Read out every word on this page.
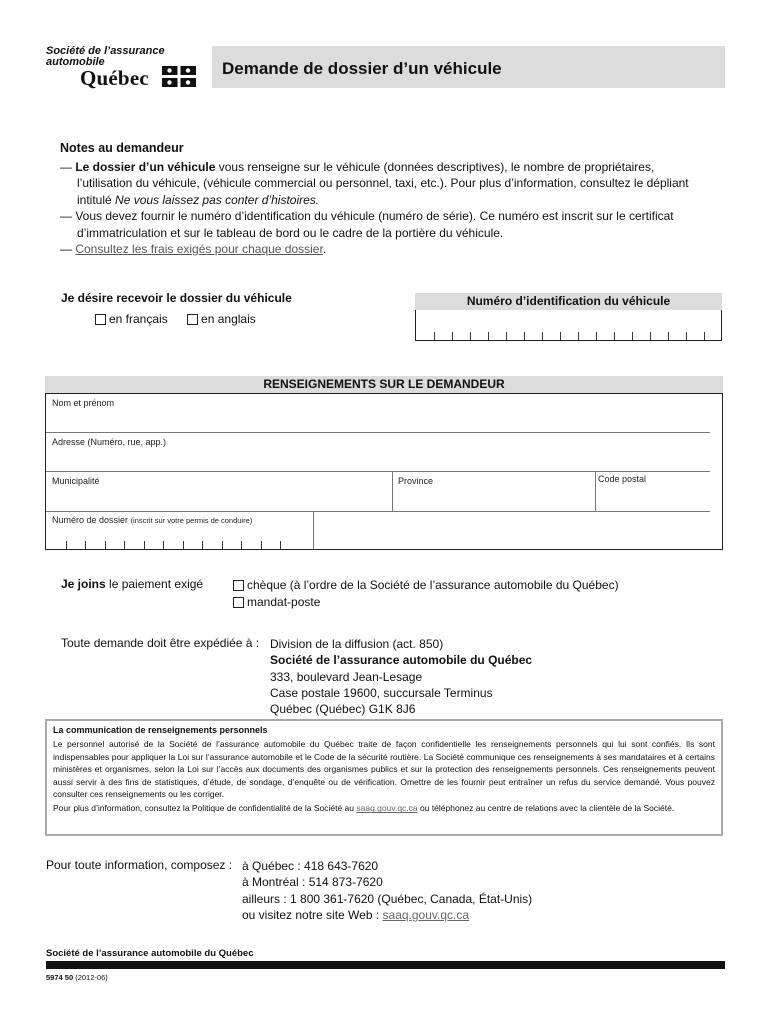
Société de l’assurance
automobile
Québec	Demande de dossier d’un véhicule
Notes au demandeur
— Le dossier d’un véhicule vous renseigne sur le véhicule (données descriptives), le nombre de propriétaires, l’utilisation du véhicule, (véhicule commercial ou personnel, taxi, etc.). Pour plus d’information, consultez le dépliant intitulé Ne vous laissez pas conter d’histoires.
— Vous devez fournir le numéro d’identification du véhicule (numéro de série). Ce numéro est inscrit sur le certificat d’immatriculation et sur le tableau de bord ou le cadre de la portière du véhicule.
— Consultez les frais exigés pour chaque dossier.
Je désire recevoir le dossier du véhicule
en français	en anglais
Numéro d’identification du véhicule
RENSEIGNEMENTS SUR LE DEMANDEUR
Nom et prénom
Adresse (Numéro, rue, app.)
Municipalité	Province	Code postal
Numéro de dossier (inscrit sur votre permis de conduire)
Je joins le paiement exigé	chèque (à l’ordre de la Société de l’assurance automobile du Québec)
mandat-poste
Toute demande doit être expédiée à : Division de la diffusion (act. 850)
Société de l’assurance automobile du Québec
333, boulevard Jean-Lesage
Case postale 19600, succursale Terminus
Québec (Québec) G1K 8J6
La communication de renseignements personnels
Le personnel autorisé de la Société de l’assurance automobile du Québec traite de façon confidentielle les renseignements personnels qui lui sont confiés. Ils sont indispensables pour appliquer la Loi sur l’assurance automobile et le Code de la sécurité routière. La Société communique ces renseignements à ses mandataires et à certains ministères et organismes, selon la Loi sur l’accès aux documents des organismes publics et sur la protection des renseignements personnels. Ces renseignements peuvent aussi servir à des fins de statistiques, d’étude, de sondage, d’enquête ou de vérification. Omettre de les fournir peut entraîner un refus du service demandé. Vous pouvez consulter ces renseignements ou les corriger.
Pour plus d’information, consultez la Politique de confidentialité de la Société au saaq.gouv.qc.ca ou téléphonez au centre de relations avec la clientèle de la Société.
Pour toute information, composez : à Québec : 418 643-7620
à Montréal : 514 873-7620
ailleurs : 1 800 361-7620 (Québec, Canada, État-Unis) ou visitez notre site Web : saaq.gouv.qc.ca
Société de l’assurance automobile du Québec
5974 50 (2012-06)
